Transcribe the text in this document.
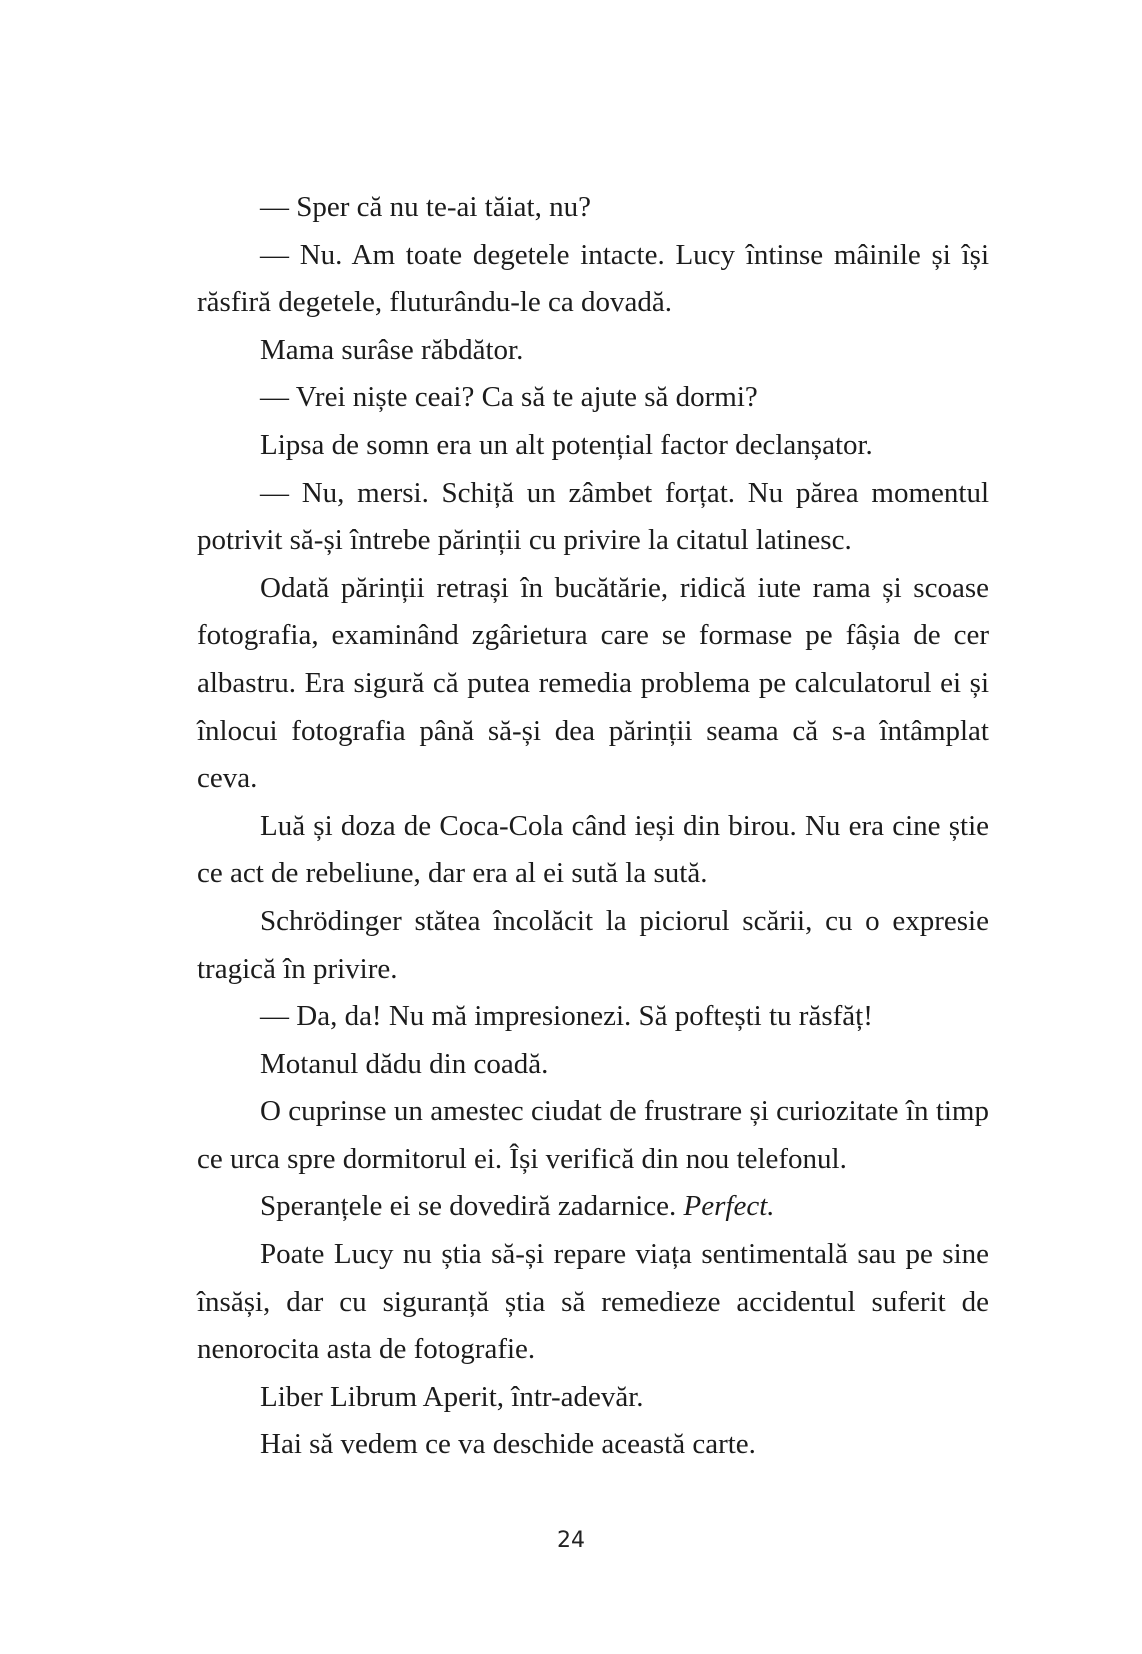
— Sper că nu te-ai tăiat, nu?

— Nu. Am toate degetele intacte. Lucy întinse mâinile și își răsfiră degetele, fluturându-le ca dovadă.

Mama surâse răbdător.

— Vrei niște ceai? Ca să te ajute să dormi?

Lipsa de somn era un alt potențial factor declanșator.

— Nu, mersi. Schiță un zâmbet forțat. Nu părea momentul potrivit să-și întrebe părinții cu privire la citatul latinesc.

Odată părinții retrași în bucătărie, ridică iute rama și scoase fotografia, examinând zgârietura care se formase pe fâșia de cer albastru. Era sigură că putea remedia problema pe calculatorul ei și înlocui fotografia până să-și dea părinții seama că s-a întâmplat ceva.

Luă și doza de Coca-Cola când ieși din birou. Nu era cine știe ce act de rebeliune, dar era al ei sută la sută.

Schrödinger stătea încolăcit la piciorul scării, cu o expresie tragică în privire.

— Da, da! Nu mă impresionezi. Să poftești tu răsfăț!

Motanul dădu din coadă.

O cuprinse un amestec ciudat de frustrare și curiozitate în timp ce urca spre dormitorul ei. Își verifică din nou telefonul.

Speranțele ei se dovediră zadarnice. Perfect.

Poate Lucy nu știa să-și repare viața sentimentală sau pe sine însăși, dar cu siguranță știa să remedieze accidentul suferit de nenorocita asta de fotografie.

Liber Librum Aperit, într-adevăr.

Hai să vedem ce va deschide această carte.

24
